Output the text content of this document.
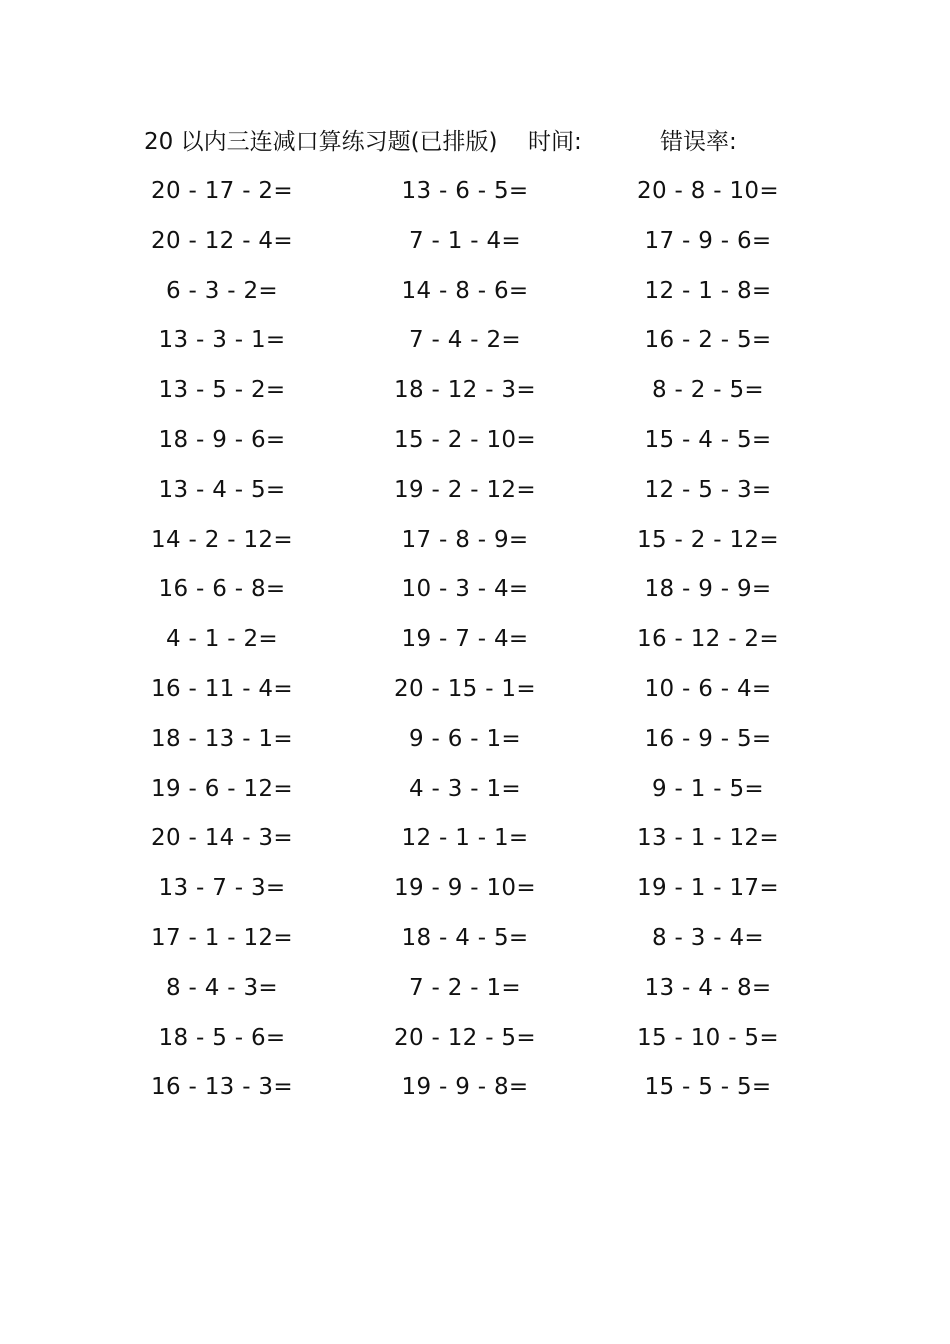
20 以内三连减口算练习题(已排版) 时间:	错误率:
20 - 17 - 2=
20 - 12 - 4=
6 - 3 - 2=
13 - 3 - 1=
13 - 5 - 2=
18 - 9 - 6=
13 - 4 - 5=
14 - 2 - 12=
16 - 6 - 8=
4 - 1 - 2=
16 - 11 - 4=
18 - 13 - 1=
19 - 6 - 12=
20 - 14 - 3=
13 - 7 - 3=
17 - 1 - 12=
8 - 4 - 3=
18 - 5 - 6=
16 - 13 - 3=
13 - 6 - 5=
7 - 1 - 4=
14 - 8 - 6=
7 - 4 - 2=
18 - 12 - 3=
15 - 2 - 10=
19 - 2 - 12=
17 - 8 - 9=
10 - 3 - 4=
19 - 7 - 4=
20 - 15 - 1=
9 - 6 - 1=
4 - 3 - 1=
12 - 1 - 1=
19 - 9 - 10=
18 - 4 - 5=
7 - 2 - 1=
20 - 12 - 5=
19 - 9 - 8=
20 - 8 - 10=
17 - 9 - 6=
12 - 1 - 8=
16 - 2 - 5=
8 - 2 - 5=
15 - 4 - 5=
12 - 5 - 3=
15 - 2 - 12=
18 - 9 - 9=
16 - 12 - 2=
10 - 6 - 4=
16 - 9 - 5=
9 - 1 - 5=
13 - 1 - 12=
19 - 1 - 17=
8 - 3 - 4=
13 - 4 - 8=
15 - 10 - 5=
15 - 5 - 5=
